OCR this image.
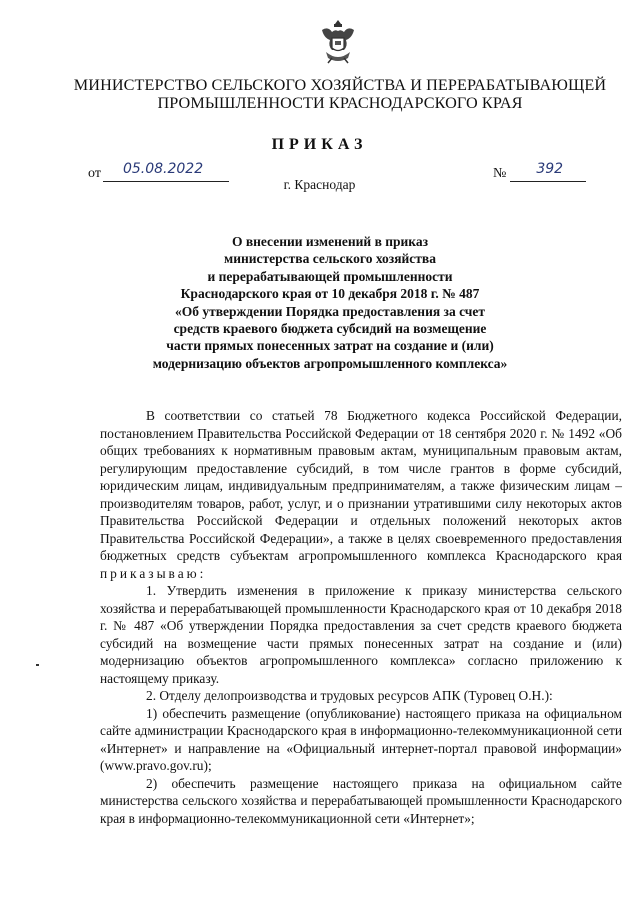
МИНИСТЕРСТВО СЕЛЬСКОГО ХОЗЯЙСТВА И ПЕРЕРАБАТЫВАЮЩЕЙ
ПРОМЫШЛЕННОСТИ КРАСНОДАРСКОГО КРАЯ
ПРИКАЗ
от 05.08.2022	№ 392
г. Краснодар
О внесении изменений в приказ
министерства сельского хозяйства
и перерабатывающей промышленности
Краснодарского края от 10 декабря 2018 г. № 487
«Об утверждении Порядка предоставления за счет
средств краевого бюджета субсидий на возмещение
части прямых понесенных затрат на создание и (или)
модернизацию объектов агропромышленного комплекса»

В соответствии со статьей 78 Бюджетного кодекса Российской Федерации, постановлением Правительства Российской Федерации от 18 сентября 2020 г. № 1492 «Об общих требованиях к нормативным правовым актам, муниципальным правовым актам, регулирующим предоставление субсидий, в том числе грантов в форме субсидий, юридическим лицам, индивидуальным предпринимателям, а также физическим лицам – производителям товаров, работ, услуг, и о признании утратившими силу некоторых актов Правительства Российской Федерации и отдельных положений некоторых актов Правительства Российской Федерации», а также в целях своевременного предоставления бюджетных средств субъектам агропромышленного комплекса Краснодарского края приказываю:

1. Утвердить изменения в приложение к приказу министерства сельского хозяйства и перерабатывающей промышленности Краснодарского края от 10 декабря 2018 г. № 487 «Об утверждении Порядка предоставления за счет средств краевого бюджета субсидий на возмещение части прямых понесенных затрат на создание и (или) модернизацию объектов агропромышленного комплекса» согласно приложению к настоящему приказу.

2. Отделу делопроизводства и трудовых ресурсов АПК (Туровец О.Н.):

1) обеспечить размещение (опубликование) настоящего приказа на официальном сайте администрации Краснодарского края в информационно-телекоммуникационной сети «Интернет» и направление на «Официальный интернет-портал правовой информации» (www.pravo.gov.ru);

2) обеспечить размещение настоящего приказа на официальном сайте министерства сельского хозяйства и перерабатывающей промышленности Краснодарского края в информационно-телекоммуникационной сети «Интернет»;
